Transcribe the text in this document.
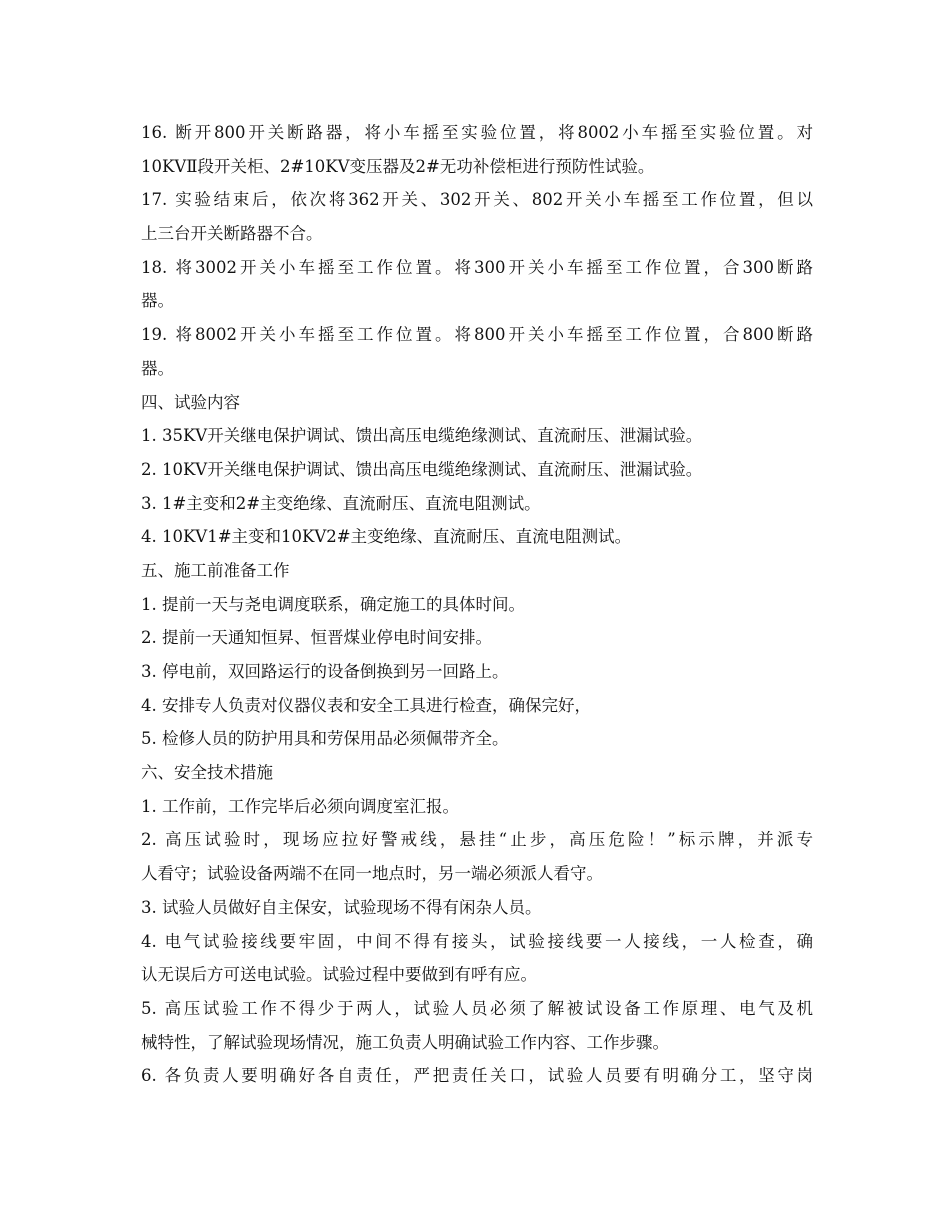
16. 断开800开关断路器，将小车摇至实验位置，将8002小车摇至实验位置。对
10KVⅡ段开关柜、2#10KV变压器及2#无功补偿柜进行预防性试验。
17. 实验结束后，依次将362开关、302开关、802开关小车摇至工作位置，但以
上三台开关断路器不合。
18. 将3002开关小车摇至工作位置。将300开关小车摇至工作位置，合300断路
器。
19. 将8002开关小车摇至工作位置。将800开关小车摇至工作位置，合800断路
器。
四、试验内容
1. 35KV开关继电保护调试、馈出高压电缆绝缘测试、直流耐压、泄漏试验。
2. 10KV开关继电保护调试、馈出高压电缆绝缘测试、直流耐压、泄漏试验。
3. 1#主变和2#主变绝缘、直流耐压、直流电阻测试。
4. 10KV1#主变和10KV2#主变绝缘、直流耐压、直流电阻测试。
五、施工前准备工作
1. 提前一天与尧电调度联系，确定施工的具体时间。
2. 提前一天通知恒昇、恒晋煤业停电时间安排。
3. 停电前，双回路运行的设备倒换到另一回路上。
4. 安排专人负责对仪器仪表和安全工具进行检查，确保完好，
5. 检修人员的防护用具和劳保用品必须佩带齐全。
六、安全技术措施
1. 工作前，工作完毕后必须向调度室汇报。
2. 高压试验时，现场应拉好警戒线，悬挂“止步，高压危险！”标示牌，并派专
人看守；试验设备两端不在同一地点时，另一端必须派人看守。
3. 试验人员做好自主保安，试验现场不得有闲杂人员。
4. 电气试验接线要牢固，中间不得有接头，试验接线要一人接线，一人检查，确
认无误后方可送电试验。试验过程中要做到有呼有应。
5. 高压试验工作不得少于两人，试验人员必须了解被试设备工作原理、电气及机
械特性，了解试验现场情况，施工负责人明确试验工作内容、工作步骤。
6. 各负责人要明确好各自责任，严把责任关口，试验人员要有明确分工，坚守岗
